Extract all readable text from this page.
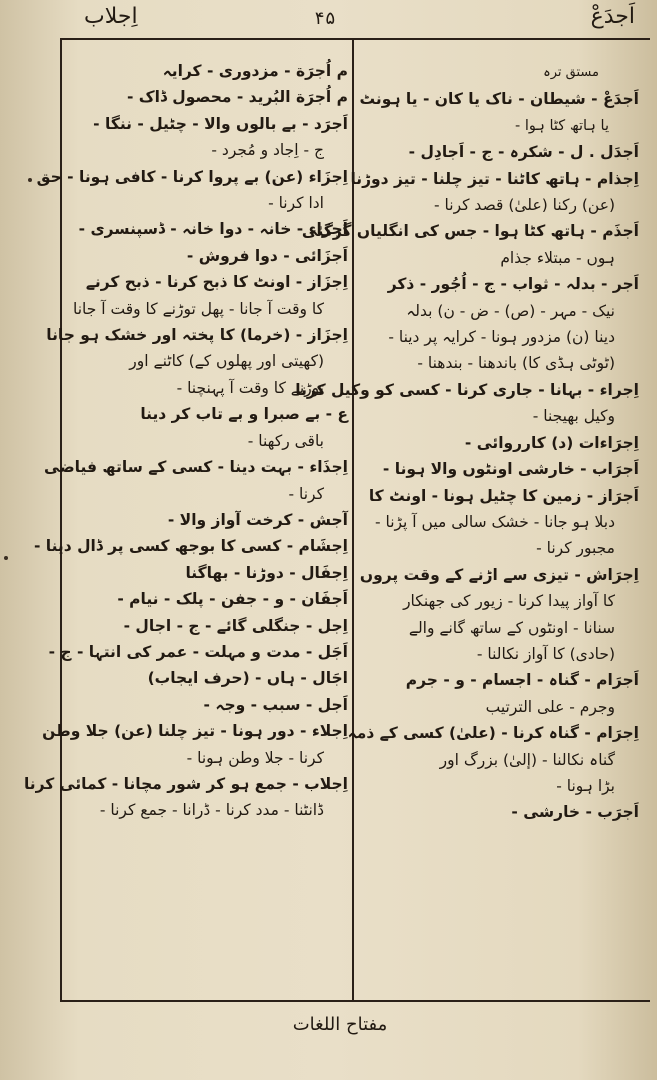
اَجدَعْ
۴۵
اِجلاب
مستق ترہ
اَجدَعْ - شیطان - ناک یا کان - یا ہونٹ
یا ہاتھ کٹا ہوا -
اَجدَل . ل - شکرہ - ج - اَجادِل -
اِجذام - ہاتھ کاٹنا - تیز چلنا - تیز دوڑنا
(عن) رکنا (علیٰ) قصد کرنا -
اَجذَم - ہاتھ کٹا ہوا - جس کی انگلیاں گرگئی
ہوں - مبتلاء جذام
اَجر - بدلہ - ثواب - ج - اُجُور - ذکر
نیک - مہر - (ص) - ض - ن) بدلہ
دینا (ن) مزدور ہونا - کرایہ پر دینا -
(ٹوٹی ہڈی کا) باندھنا - بندھنا -
اِجراء - بہانا - جاری کرنا - کسی کو وکیل کرنا
وکیل بھیجنا -
اِجرَاءات (د) کارروائی -
اَجرَاب - خارشی اونٹوں والا ہونا -
اَجرَاز - زمین کا چٹیل ہونا - اونٹ کا
دبلا ہو جانا - خشک سالی میں آ پڑنا -
مجبور کرنا -
اِجرَاش - تیزی سے اڑنے کے وقت پروں
کا آواز پیدا کرنا - زیور کی جھنکار
سنانا - اونٹوں کے ساتھ گانے والے
(حادی) کا آواز نکالنا -
اَجرَام - گناہ - اجسام - و - جرم
وجرم - علی الترتیب
اِجرَام - گناہ کرنا - (علیٰ) کسی کے ذمہ
گناہ نکالنا - (إلیٰ) بزرگ اور
بڑا ہونا -
اَجرَب - خارشی -
م اُجرَة - مزدوری - کرایہ
م اُجرَة البُرید - محصول ڈاک -
اَجرَد - بے بالوں والا - چٹیل - ننگا -
ج - اِجاد و مُجرد -
اِجزَاء (عن) بے پروا کرنا - کافی ہونا - حق
ادا کرنا -
اَجزَاء - خانہ - دوا خانہ - ڈسپنسری -
اَجزَائی - دوا فروش -
اِجزَاز - اونٹ کا ذبح کرنا - ذبح کرنے
کا وقت آ جانا - پھل توڑنے کا وقت آ جانا
اِجزَاز - (خرما) کا پختہ اور خشک ہو جانا
(کھیتی اور پھلوں کے) کاٹنے اور
توڑنے کا وقت آ پہنچنا -
ع - بے صبرا و بے تاب کر دینا
باقی رکھنا -
اِجذَاء - بہت دینا - کسی کے ساتھ فیاضی
کرنا -
آجش - کرخت آواز والا -
اِجشَام - کسی کا بوجھ کسی پر ڈال دینا -
اِجفَال - دوڑنا - بھاگنا
اَجفَان - و - جفن - پلک - نیام -
اِجل - جنگلی گائے - ج - اجال -
اَجَل - مدت و مہلت - عمر کی انتہا - ج -
اجَال - ہاں - (حرف ایجاب)
اَجل - سبب - وجہ -
اِجلاء - دور ہونا - تیز چلنا (عن) جلا وطن
کرنا - جلا وطن ہونا -
اِجلاب - جمع ہو کر شور مچانا - کمائی کرنا
ڈانٹنا - مدد کرنا - ڈرانا - جمع کرنا -
مفتاح اللغات
